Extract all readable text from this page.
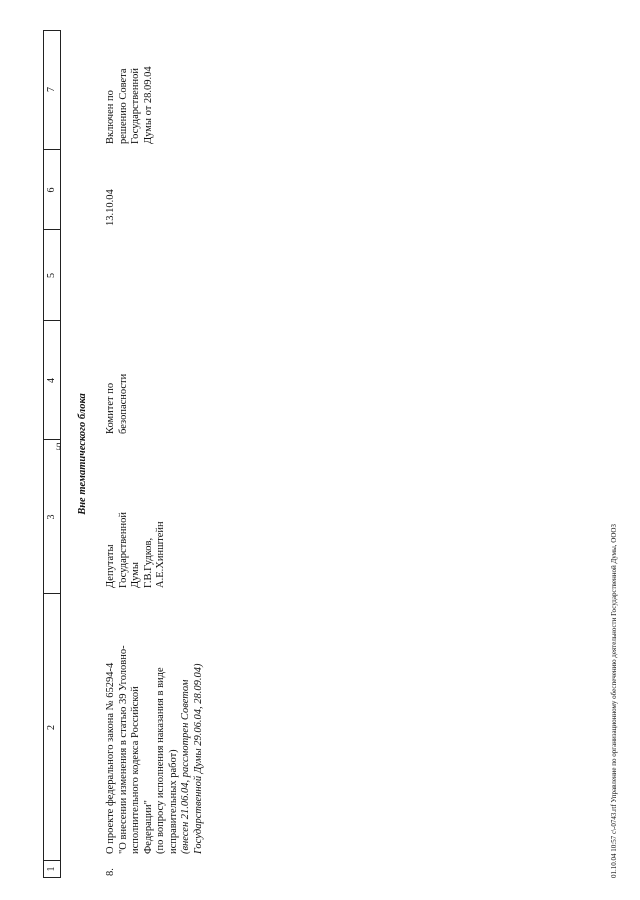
5
1
2
3
4
5
6
7
Вне тематического блока
8.
О проекте федерального закона № 65294-4 "О внесении изменения в статью 39 Уголовно- исполнительного кодекса Российской Федерации" (по вопросу исполнения наказания в виде исправительных работ) (внесен 21.06.04, рассмотрен Советом Государственной Думы 29.06.04, 28.09.04)
Депутаты Государственной Думы Г.В.Гудков, А.Е.Хинштейн
Комитет по безопасности
13.10.04
Включен по решению Совета Государственной Думы от 28.09.04
01.10.04 10:57 с\-0743.rtf Управление по организационному обеспечению деятельности Государственной Думы, ОООЗ
